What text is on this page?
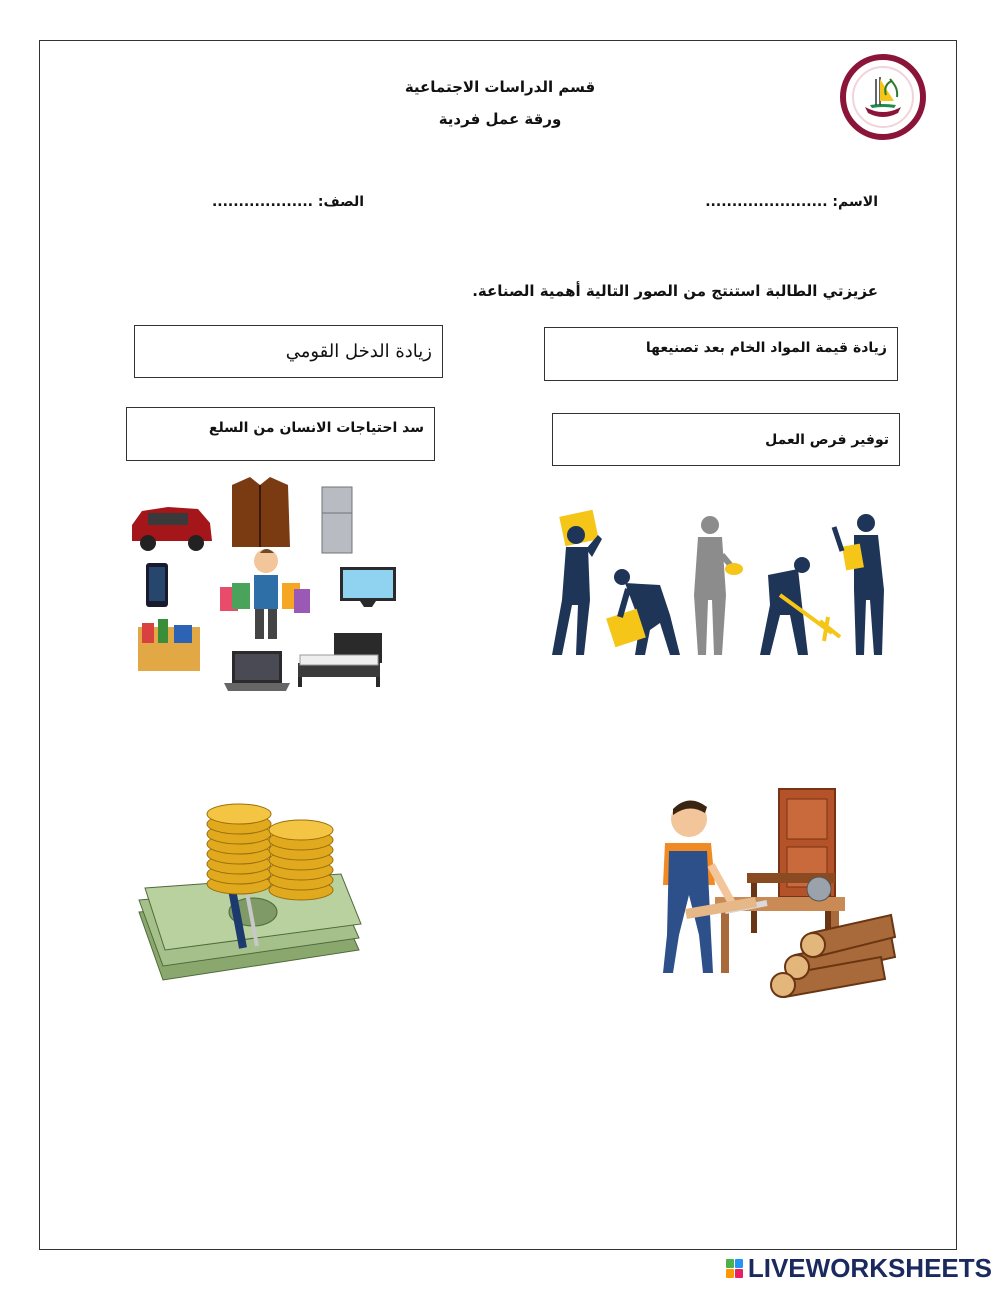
قسم الدراسات الاجتماعية
ورقة عمل فردية
الاسم: .......................
الصف: ...................
عزيزتي الطالبة استنتج من الصور التالية أهمية الصناعة.
زيادة قيمة المواد الخام بعد تصنيعها
زيادة الدخل القومي
توفير فرص العمل
سد احتياجات الانسان من السلع
LIVEWORKSHEETS
